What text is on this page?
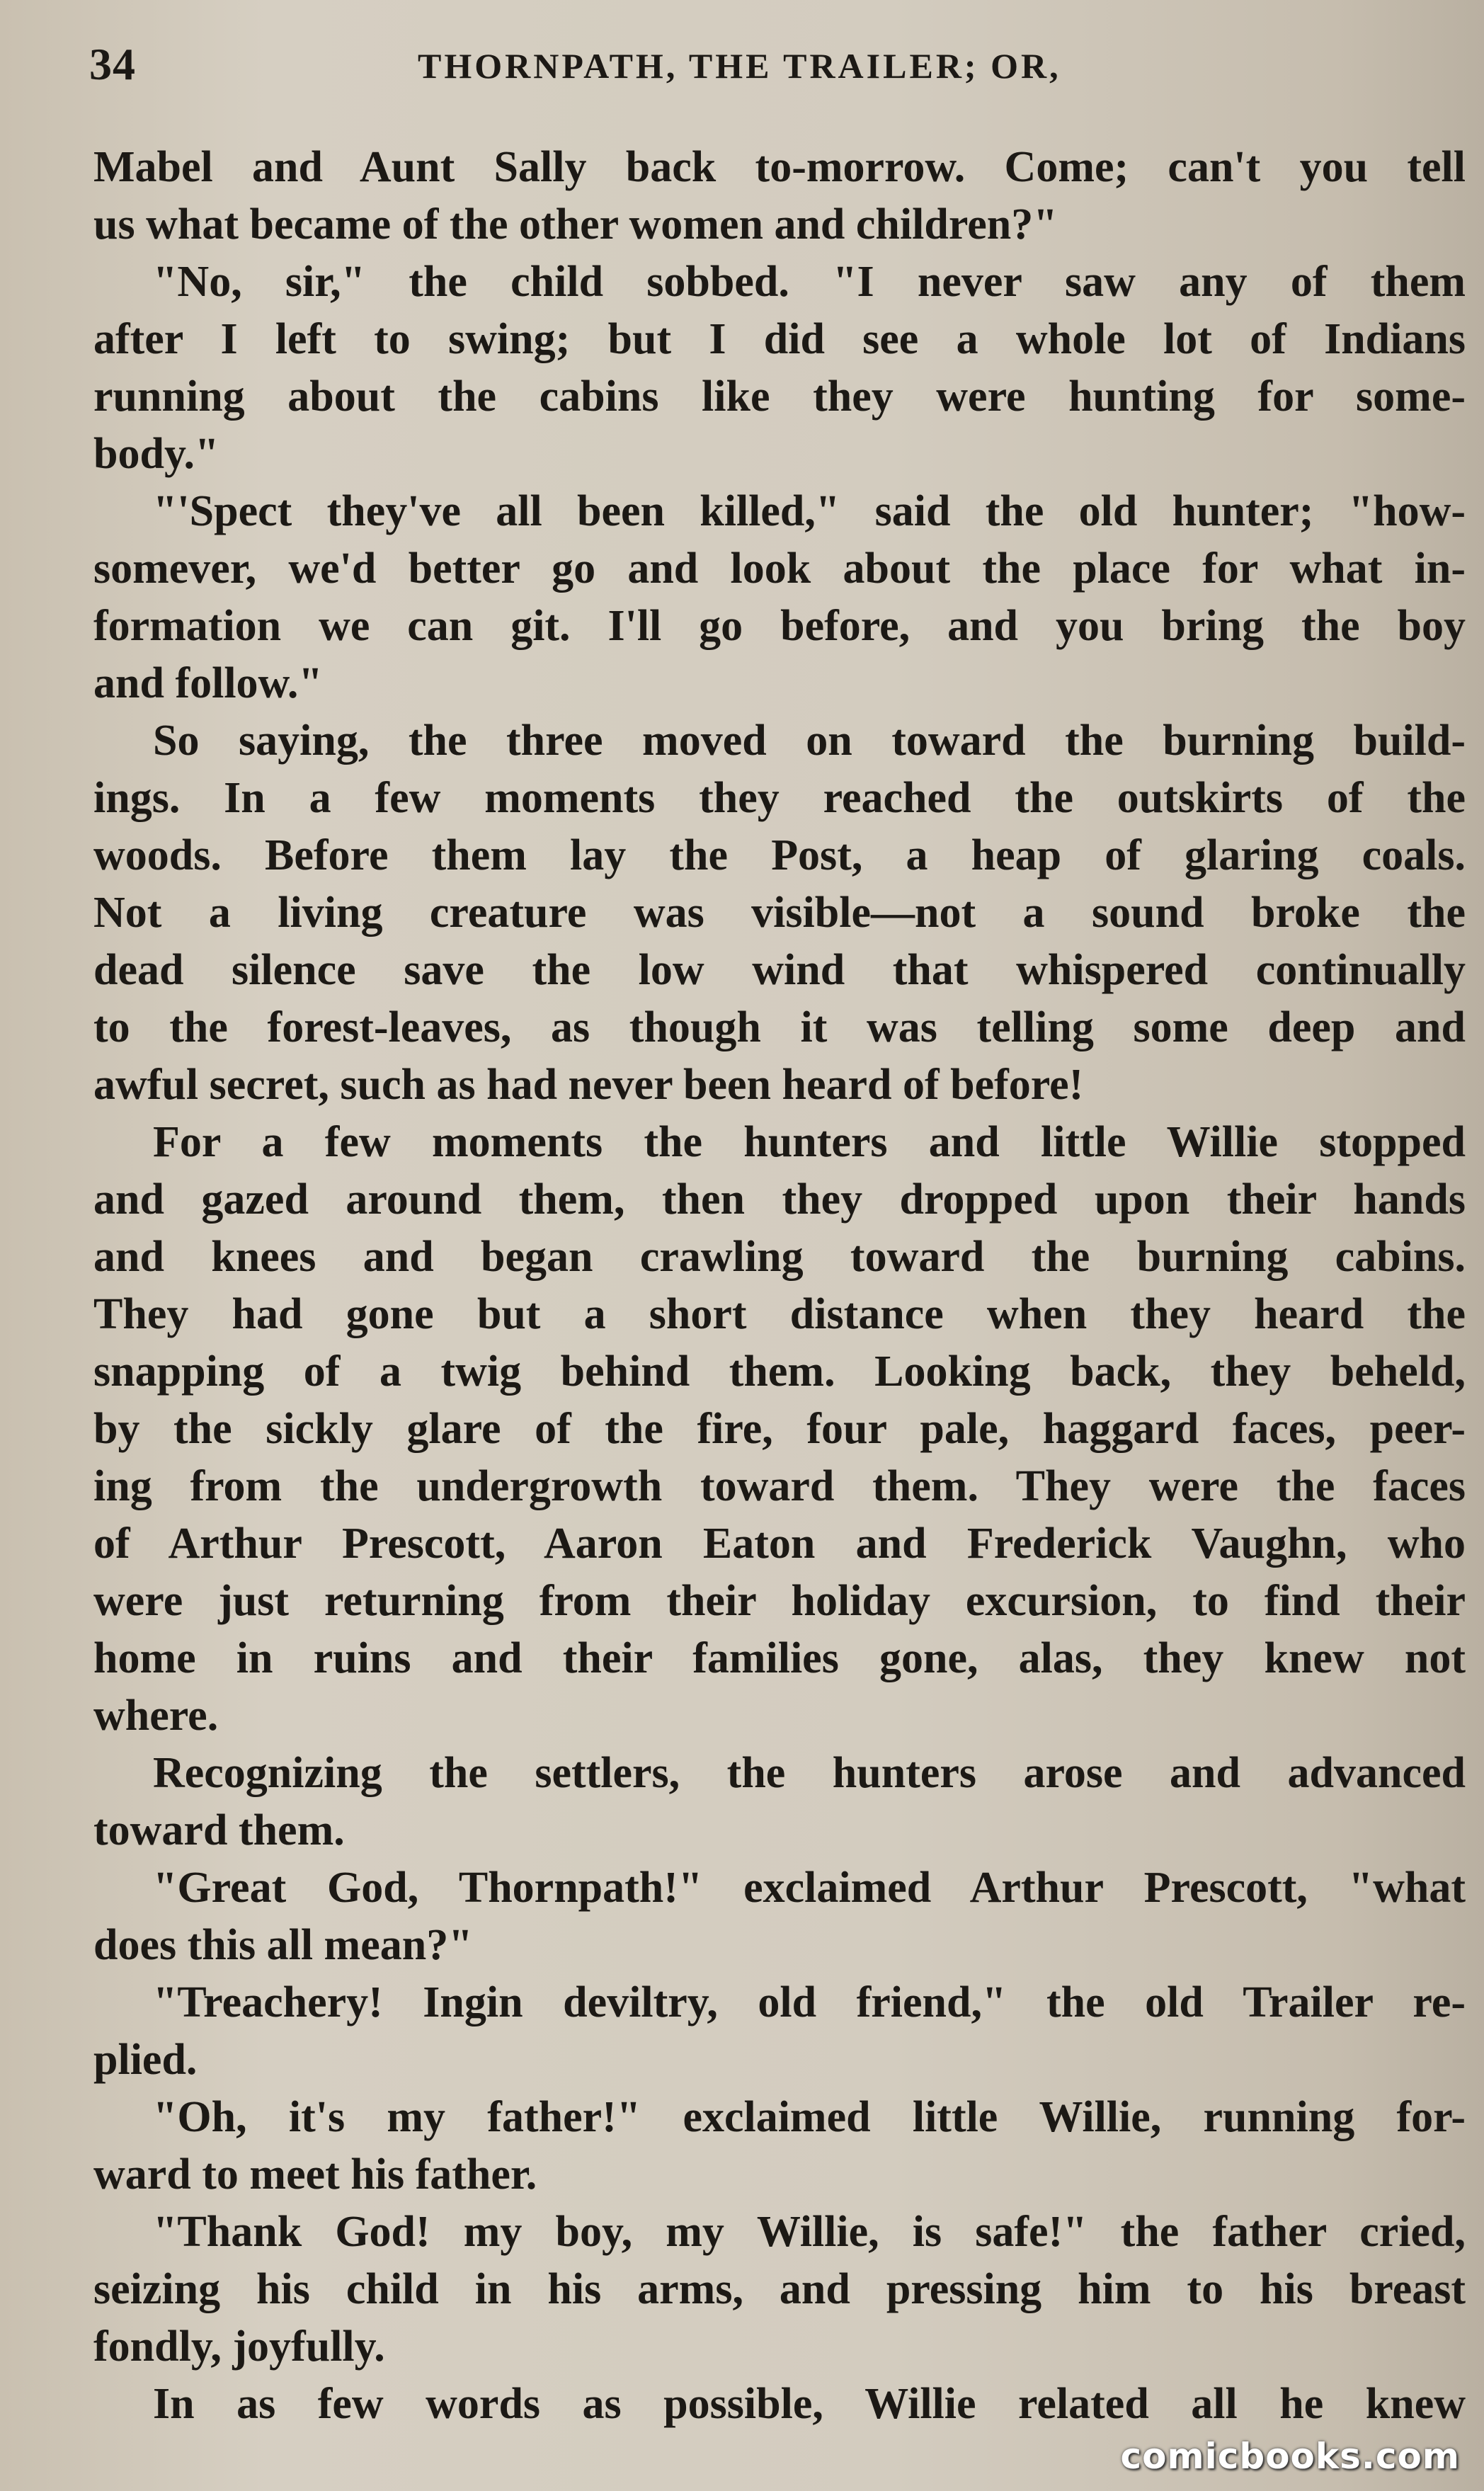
34	THORNPATH, THE TRAILER; OR,
Mabel and Aunt Sally back to-morrow. Come; can't you tell
us what became of the other women and children?"
"No, sir," the child sobbed. "I never saw any of them
after I left to swing; but I did see a whole lot of Indians
running about the cabins like they were hunting for some-
body."
"'Spect they've all been killed," said the old hunter; "how-
somever, we'd better go and look about the place for what in-
formation we can git. I'll go before, and you bring the boy
and follow."
So saying, the three moved on toward the burning build-
ings. In a few moments they reached the outskirts of the
woods. Before them lay the Post, a heap of glaring coals.
Not a living creature was visible—not a sound broke the
dead silence save the low wind that whispered continually
to the forest-leaves, as though it was telling some deep and
awful secret, such as had never been heard of before!
For a few moments the hunters and little Willie stopped
and gazed around them, then they dropped upon their hands
and knees and began crawling toward the burning cabins.
They had gone but a short distance when they heard the
snapping of a twig behind them. Looking back, they beheld,
by the sickly glare of the fire, four pale, haggard faces, peer-
ing from the undergrowth toward them. They were the faces
of Arthur Prescott, Aaron Eaton and Frederick Vaughn, who
were just returning from their holiday excursion, to find their
home in ruins and their families gone, alas, they knew not
where.
Recognizing the settlers, the hunters arose and advanced
toward them.
"Great God, Thornpath!" exclaimed Arthur Prescott, "what
does this all mean?"
"Treachery! Ingin deviltry, old friend," the old Trailer re-
plied.
"Oh, it's my father!" exclaimed little Willie, running for-
ward to meet his father.
"Thank God! my boy, my Willie, is safe!" the father cried,
seizing his child in his arms, and pressing him to his breast
fondly, joyfully.
In as few words as possible, Willie related all he knew
comicbooks.com
